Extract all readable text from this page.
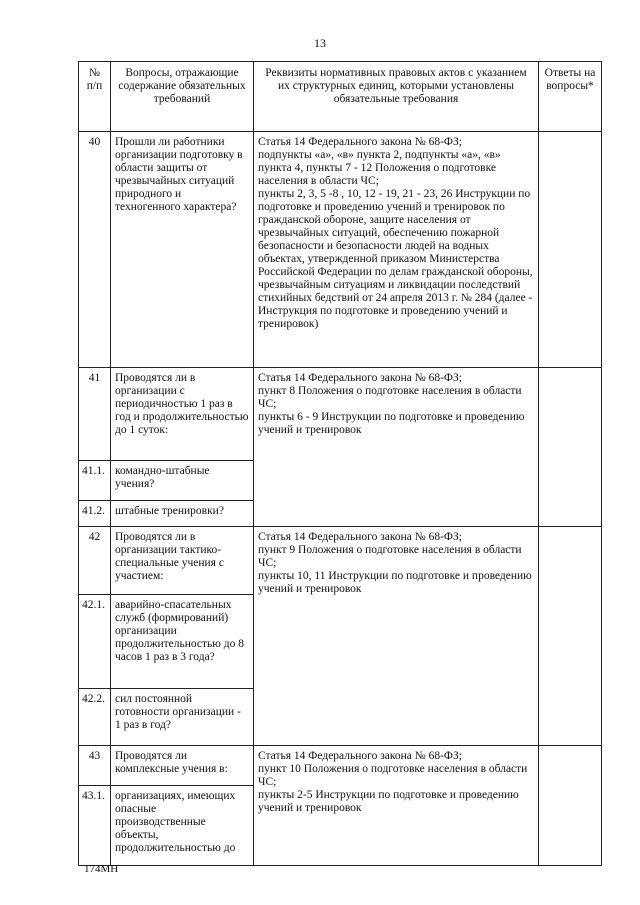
13
№ п/п	Вопросы, отражающие содержание обязательных требований	Реквизиты нормативных правовых актов с указанием их структурных единиц, которыми установлены обязательные требования	Ответы на вопросы*
40	Прошли ли работники организации подготовку в области защиты от чрезвычайных ситуаций природного и техногенного характера?	Статья 14 Федерального закона № 68-ФЗ;
подпункты «а», «в» пункта 2, подпункты «а», «в» пункта 4, пункты 7 - 12 Положения о подготовке населения в области ЧС;
пункты 2, 3, 5 -8 , 10, 12 - 19, 21 - 23, 26 Инструкции по подготовке и проведению учений и тренировок по гражданской обороне, защите населения от чрезвычайных ситуаций, обеспечению пожарной безопасности и безопасности людей на водных объектах, утвержденной приказом Министерства Российской Федерации по делам гражданской обороны, чрезвычайным ситуациям и ликвидации последствий стихийных бедствий от 24 апреля 2013 г. № 284 (далее - Инструкция по подготовке и проведению учений и тренировок)	

41	Проводятся ли в организации с периодичностью 1 раз в год и продолжительностью до 1 суток:	Статья 14 Федерального закона № 68-ФЗ;
пункт 8 Положения о подготовке населения в области ЧС;
пункты 6 - 9 Инструкции по подготовке и проведению учений и тренировок	

41.1.	командно-штабные учения?		
41.2.	штабные тренировки?		
42	Проводятся ли в организации тактико-специальные учения с участием:	Статья 14 Федерального закона № 68-ФЗ;
пункт 9 Положения о подготовке населения в области ЧС;
пункты 10, 11 Инструкции по подготовке и проведению учений и тренировок	

42.1.	аварийно-спасательных служб (формирований) организации продолжительностью до 8 часов 1 раз в 3 года?		
42.2.	сил постоянной готовности организации - 1 раз в год?		
43	Проводятся ли комплексные учения в:	Статья 14 Федерального закона № 68-ФЗ;
пункт 10 Положения о подготовке населения в области ЧС;
пункты 2-5 Инструкции по подготовке и проведению учений и тренировок	

43.1.	организациях, имеющих опасные производственные объекты, продолжительностью до		
174МН
